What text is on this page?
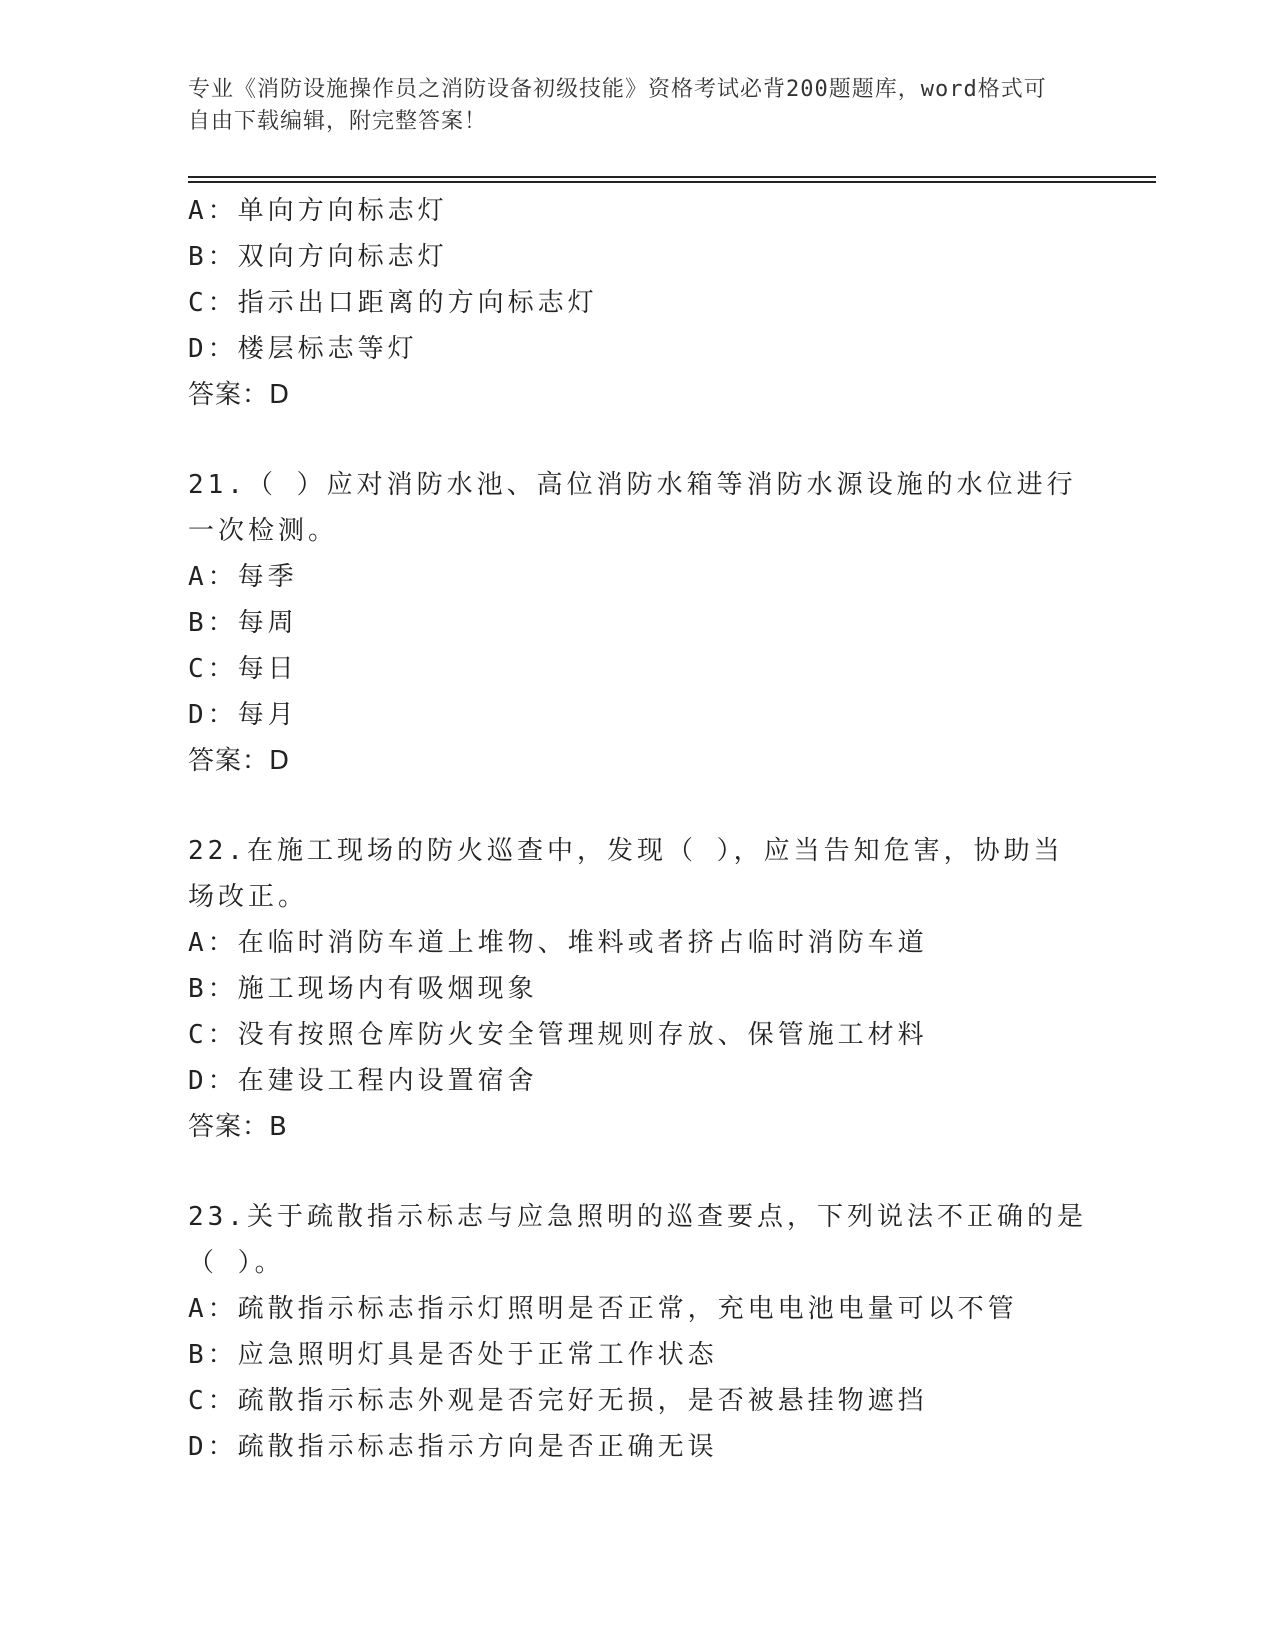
专业《消防设施操作员之消防设备初级技能》资格考试必背200题题库，word格式可自由下载编辑，附完整答案！
A：单向方向标志灯
B：双向方向标志灯
C：指示出口距离的方向标志灯
D：楼层标志等灯
答案：D
21.（ ）应对消防水池、高位消防水箱等消防水源设施的水位进行一次检测。
A：每季
B：每周
C：每日
D：每月
答案：D
22.在施工现场的防火巡查中，发现（ ），应当告知危害，协助当场改正。
A：在临时消防车道上堆物、堆料或者挤占临时消防车道
B：施工现场内有吸烟现象
C：没有按照仓库防火安全管理规则存放、保管施工材料
D：在建设工程内设置宿舍
答案：B
23.关于疏散指示标志与应急照明的巡查要点，下列说法不正确的是（ ）。
A：疏散指示标志指示灯照明是否正常，充电电池电量可以不管
B：应急照明灯具是否处于正常工作状态
C：疏散指示标志外观是否完好无损，是否被悬挂物遮挡
D：疏散指示标志指示方向是否正确无误
